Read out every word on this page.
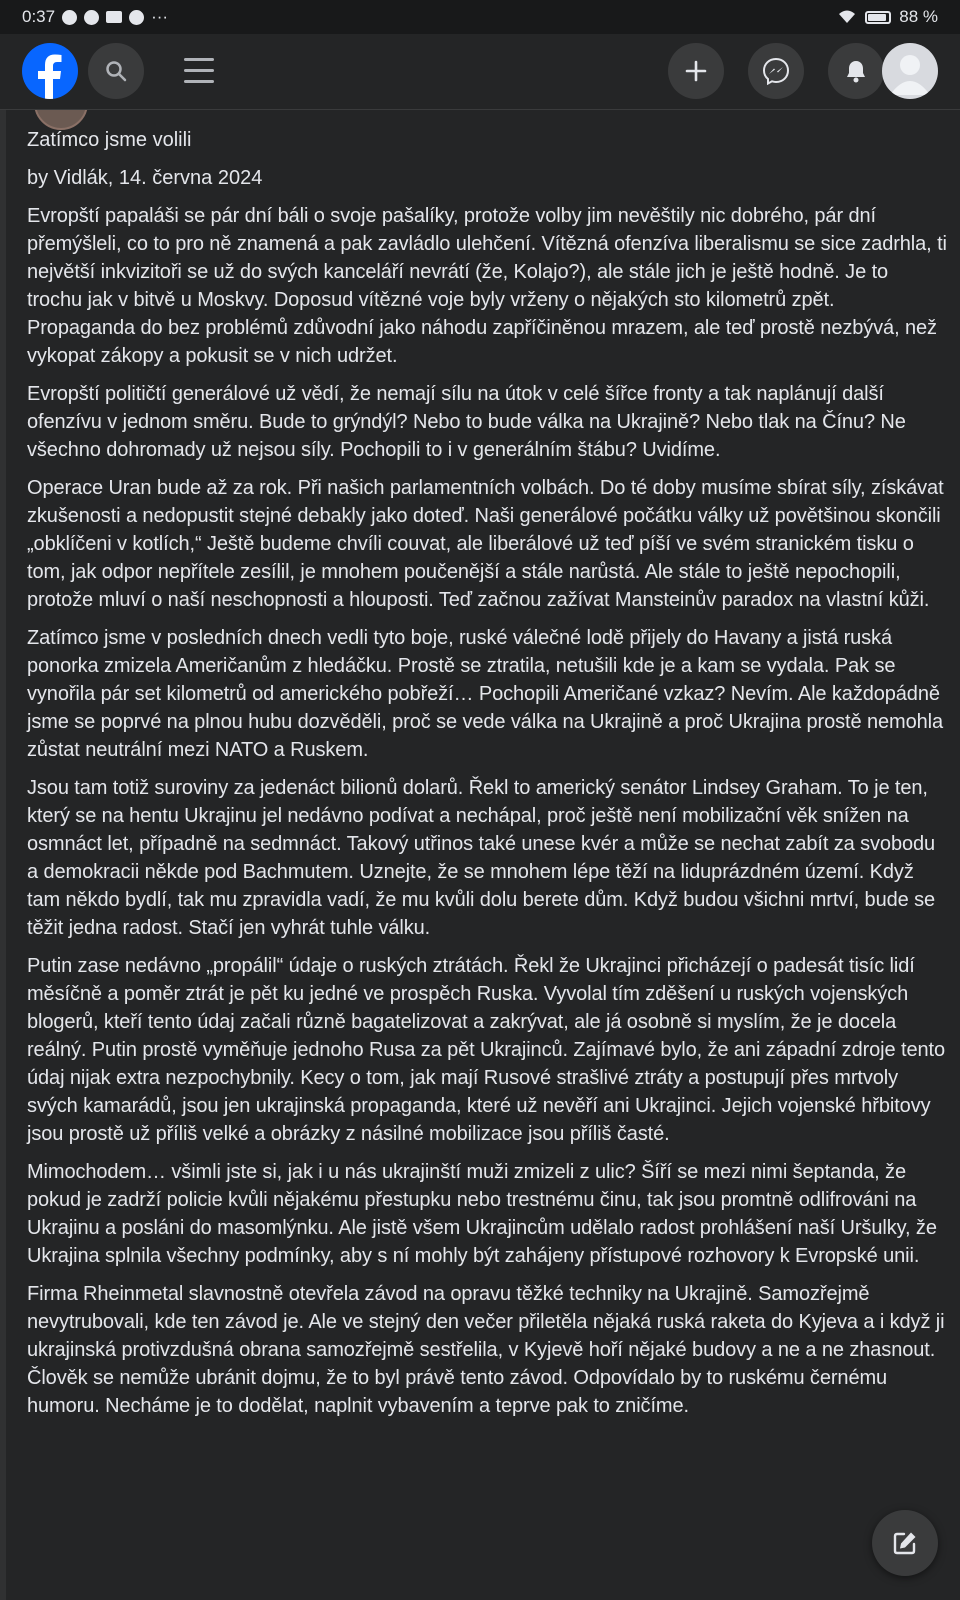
0:37	···	88 %

Zatímco jsme volili

by Vidlák, 14. června 2024

Evropští papaláši se pár dní báli o svoje pašalíky, protože volby jim nevěštily nic dobrého, pár dní přemýšleli, co to pro ně znamená a pak zavládlo ulehčení. Vítězná ofenzíva liberalismu se sice zadrhla, ti největší inkvizitoři se už do svých kanceláří nevrátí (že, Kolajo?), ale stále jich je ještě hodně. Je to trochu jak v bitvě u Moskvy. Doposud vítězné voje byly vrženy o nějakých sto kilometrů zpět. Propaganda do bez problémů zdůvodní jako náhodu zapříčiněnou mrazem, ale teď prostě nezbývá, než vykopat zákopy a pokusit se v nich udržet.

Evropští političtí generálové už vědí, že nemají sílu na útok v celé šířce fronty a tak naplánují další ofenzívu v jednom směru. Bude to grýndýl? Nebo to bude válka na Ukrajině? Nebo tlak na Čínu? Ne všechno dohromady už nejsou síly. Pochopili to i v generálním štábu? Uvidíme.

Operace Uran bude až za rok. Při našich parlamentních volbách. Do té doby musíme sbírat síly, získávat zkušenosti a nedopustit stejné debakly jako doteď. Naši generálové počátku války už povětšinou skončili „obklíčeni v kotlích,“ Ještě budeme chvíli couvat, ale liberálové už teď píší ve svém stranickém tisku o tom, jak odpor nepřítele zesílil, je mnohem poučenější a stále narůstá. Ale stále to ještě nepochopili, protože mluví o naší neschopnosti a hlouposti. Teď začnou zažívat Mansteinův paradox na vlastní kůži.

Zatímco jsme v posledních dnech vedli tyto boje, ruské válečné lodě přijely do Havany a jistá ruská ponorka zmizela Američanům z hledáčku. Prostě se ztratila, netušili kde je a kam se vydala. Pak se vynořila pár set kilometrů od amerického pobřeží… Pochopili Američané vzkaz? Nevím. Ale každopádně jsme se poprvé na plnou hubu dozvěděli, proč se vede válka na Ukrajině a proč Ukrajina prostě nemohla zůstat neutrální mezi NATO a Ruskem.

Jsou tam totiž suroviny za jedenáct bilionů dolarů. Řekl to americký senátor Lindsey Graham. To je ten, který se na hentu Ukrajinu jel nedávno podívat a nechápal, proč ještě není mobilizační věk snížen na osmnáct let, případně na sedmnáct. Takový utřinos také unese kvér a může se nechat zabít za svobodu a demokracii někde pod Bachmutem. Uznejte, že se mnohem lépe těží na liduprázdném území. Když tam někdo bydlí, tak mu zpravidla vadí, že mu kvůli dolu berete dům. Když budou všichni mrtví, bude se těžit jedna radost. Stačí jen vyhrát tuhle válku.

Putin zase nedávno „propálil“ údaje o ruských ztrátách. Řekl že Ukrajinci přicházejí o padesát tisíc lidí měsíčně a poměr ztrát je pět ku jedné ve prospěch Ruska. Vyvolal tím zděšení u ruských vojenských blogerů, kteří tento údaj začali různě bagatelizovat a zakrývat, ale já osobně si myslím, že je docela reálný. Putin prostě vyměňuje jednoho Rusa za pět Ukrajinců. Zajímavé bylo, že ani západní zdroje tento údaj nijak extra nezpochybnily. Kecy o tom, jak mají Rusové strašlivé ztráty a postupují přes mrtvoly svých kamarádů, jsou jen ukrajinská propaganda, které už nevěří ani Ukrajinci. Jejich vojenské hřbitovy jsou prostě už příliš velké a obrázky z násilné mobilizace jsou příliš časté.

Mimochodem… všimli jste si, jak i u nás ukrajinští muži zmizeli z ulic? Šíří se mezi nimi šeptanda, že pokud je zadrží policie kvůli nějakému přestupku nebo trestnému činu, tak jsou promtně odlifrováni na Ukrajinu a posláni do masomlýnku. Ale jistě všem Ukrajincům udělalo radost prohlášení naší Uršulky, že Ukrajina splnila všechny podmínky, aby s ní mohly být zahájeny přístupové rozhovory k Evropské unii.

Firma Rheinmetal slavnostně otevřela závod na opravu těžké techniky na Ukrajině. Samozřejmě nevytrubovali, kde ten závod je. Ale ve stejný den večer přiletěla nějaká ruská raketa do Kyjeva a i když ji ukrajinská protivzdušná obrana samozřejmě sestřelila, v Kyjevě hoří nějaké budovy a ne a ne zhasnout. Člověk se nemůže ubránit dojmu, že to byl právě tento závod. Odpovídalo by to ruskému černému humoru. Necháme je to dodělat, naplnit vybavením a teprve pak to zničíme.
